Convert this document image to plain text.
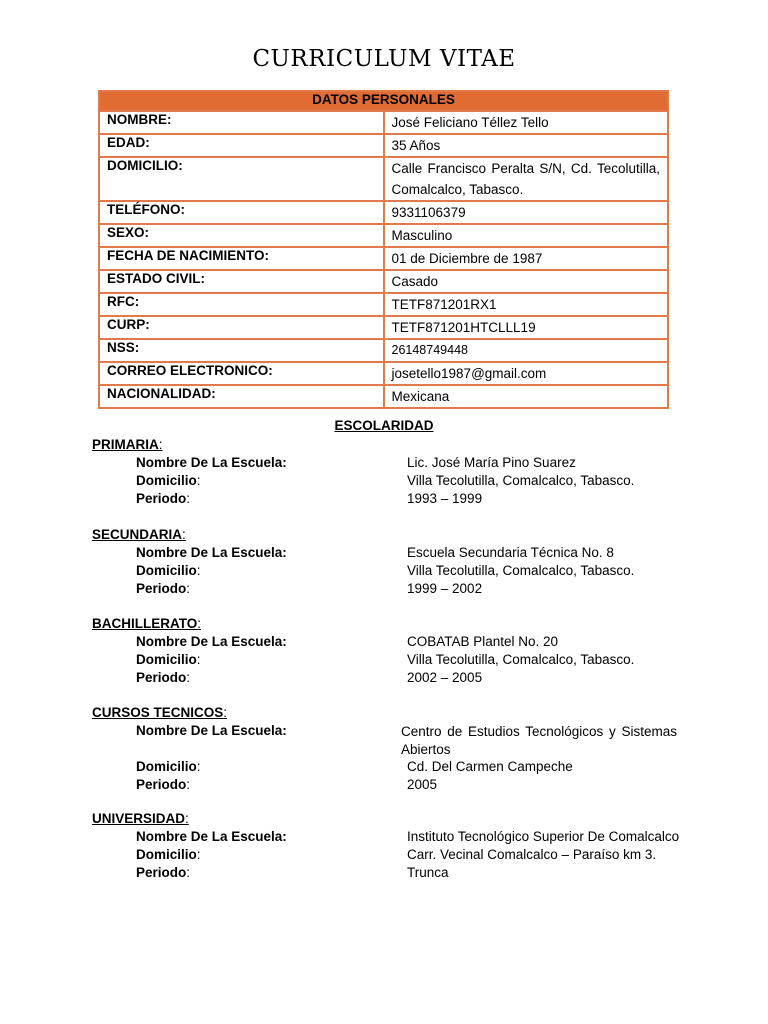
CURRICULUM VITAE
DATOS PERSONALES	
NOMBRE:	José Feliciano Téllez Tello
EDAD:	35 Años
DOMICILIO:	Calle Francisco Peralta S/N, Cd. Tecolutilla, Comalcalco, Tabasco.
TELÉFONO:	9331106379
SEXO:	Masculino
FECHA DE NACIMIENTO:	01 de Diciembre de 1987
ESTADO CIVIL:	Casado
RFC:	TETF871201RX1
CURP:	TETF871201HTCLLL19
NSS:	26148749448
CORREO ELECTRONICO:	josetello1987@gmail.com
NACIONALIDAD:	Mexicana
ESCOLARIDAD
PRIMARIA:
Nombre De La Escuela:	Lic. José María Pino Suarez
Domicilio:	Villa Tecolutilla, Comalcalco, Tabasco.
Periodo:	1993 – 1999
SECUNDARIA:
Nombre De La Escuela:	Escuela Secundaria Técnica No. 8
Domicilio:	Villa Tecolutilla, Comalcalco, Tabasco.
Periodo:	1999 – 2002
BACHILLERATO:
Nombre De La Escuela:	COBATAB Plantel No. 20
Domicilio:	Villa Tecolutilla, Comalcalco, Tabasco.
Periodo:	2002 – 2005
CURSOS TECNICOS:
Nombre De La Escuela:	Centro de Estudios Tecnológicos y Sistemas Abiertos
Domicilio:	Cd. Del Carmen Campeche
Periodo:	2005
UNIVERSIDAD:
Nombre De La Escuela:	Instituto Tecnológico Superior De Comalcalco
Domicilio:	Carr. Vecinal Comalcalco – Paraíso km 3.
Periodo:	Trunca
